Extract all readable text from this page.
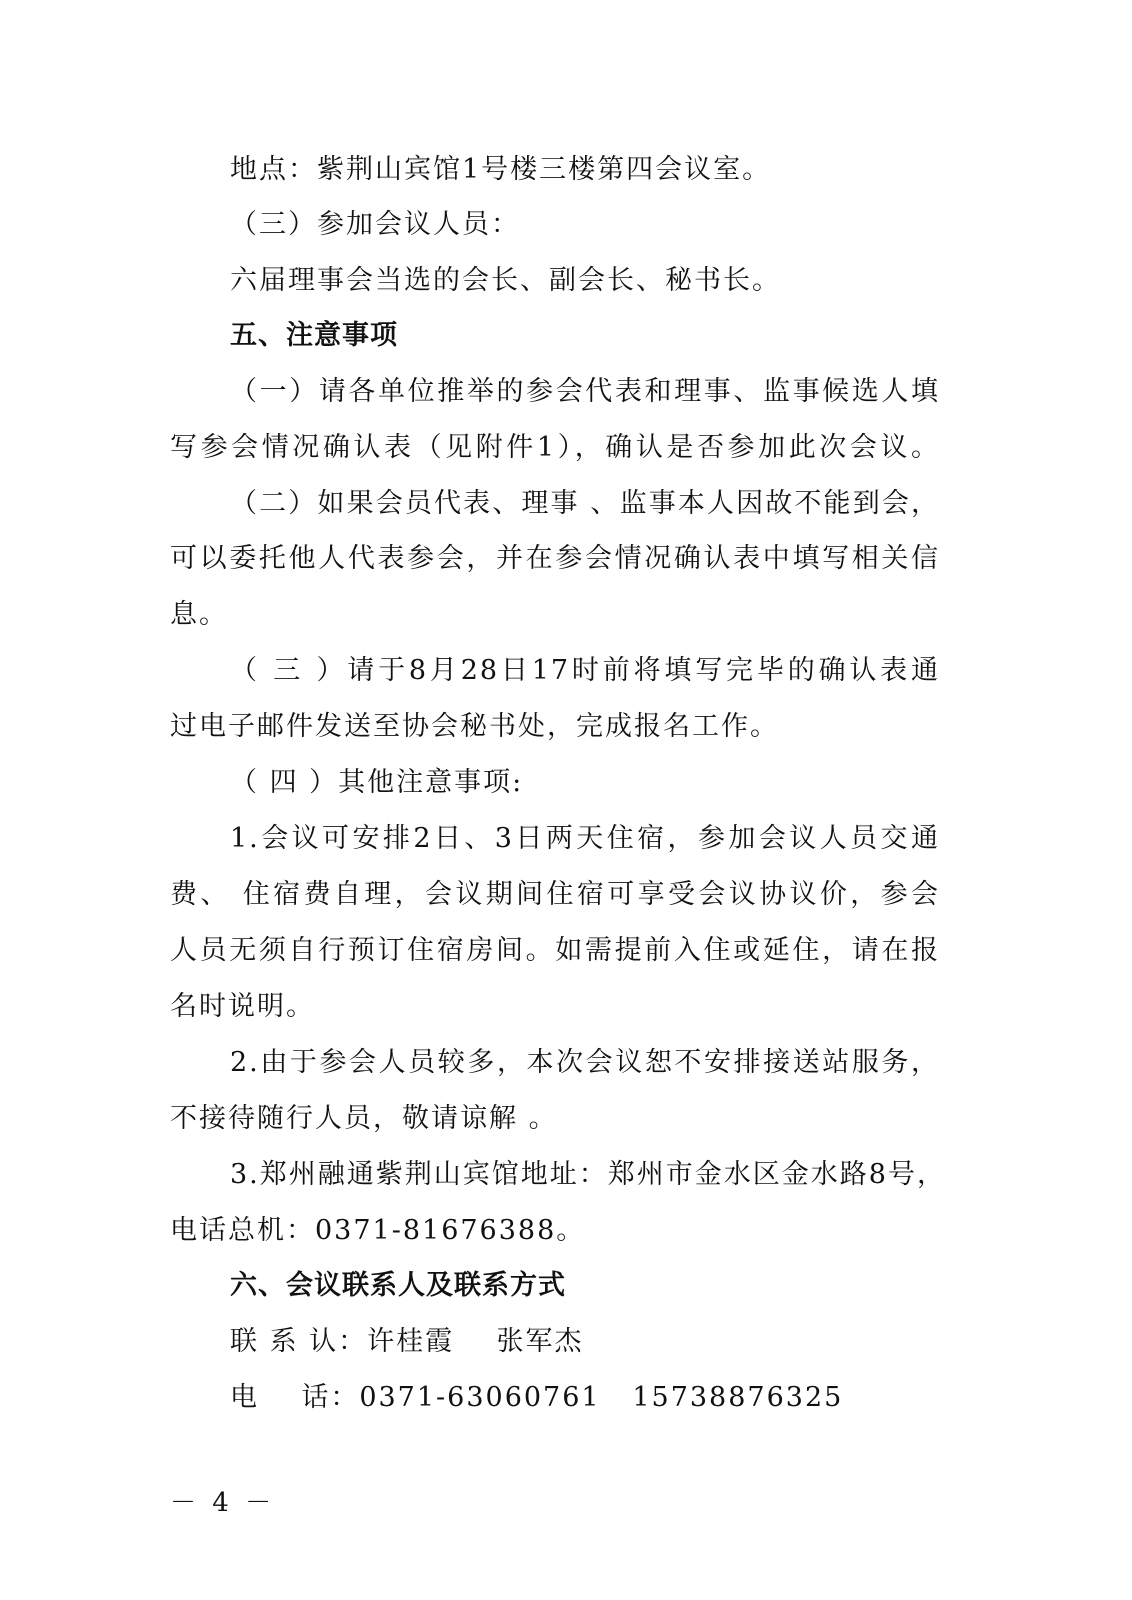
地点：紫荆山宾馆1号楼三楼第四会议室。
（三）参加会议人员：
六届理事会当选的会长、副会长、秘书长。
五、注意事项
（一）请各单位推举的参会代表和理事、监事候选人填
写参会情况确认表（见附件1），确认是否参加此次会议。
（二）如果会员代表、理事 、监事本人因故不能到会，
可以委托他人代表参会，并在参会情况确认表中填写相关信
息。
（ 三 ）请于8月28日17时前将填写完毕的确认表通
过电子邮件发送至协会秘书处，完成报名工作。
（ 四 ）其他注意事项:
1.会议可安排2日、3日两天住宿，参加会议人员交通
费、 住宿费自理，会议期间住宿可享受会议协议价，参会
人员无须自行预订住宿房间。如需提前入住或延住，请在报
名时说明。
2.由于参会人员较多，本次会议恕不安排接送站服务，
不接待随行人员，敬请谅解 。
3.郑州融通紫荆山宾馆地址：郑州市金水区金水路8号，
电话总机：0371-81676388。
六、会议联系人及联系方式
联 系 认：许桂霞    张军杰
电    话：0371-63060761   15738876325
－ 4 －
